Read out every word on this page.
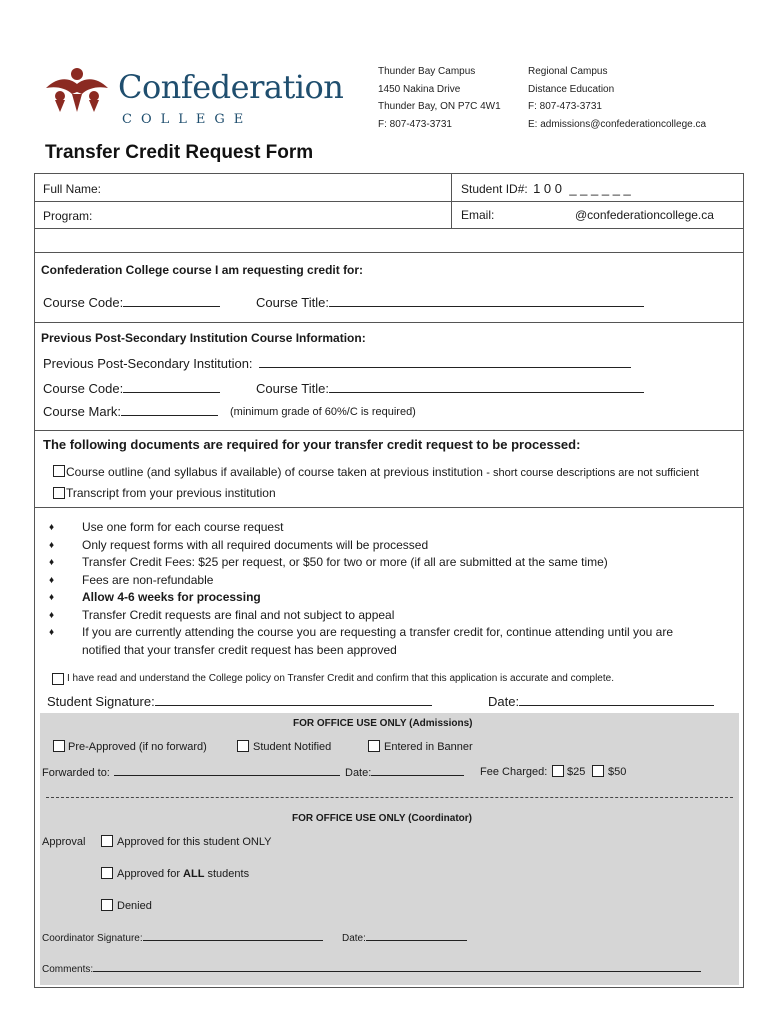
Confederation
COLLEGE
Thunder Bay Campus
1450 Nakina Drive
Thunder Bay, ON P7C 4W1
F: 807-473-3731
Regional Campus
Distance Education
F: 807-473-3731
E: admissions@confederationcollege.ca
Transfer Credit Request Form
Full Name:	Student ID#: 1 0 0 _ _ _ _ _ _
Program:	Email:	@confederationcollege.ca
Confederation College course I am requesting credit for:
Course Code:	Course Title:
Previous Post-Secondary Institution Course Information:
Previous Post-Secondary Institution:
Course Code:	Course Title:
Course Mark:	(minimum grade of 60%/C is required)
The following documents are required for your transfer credit request to be processed:
Course outline (and syllabus if available) of course taken at previous institution - short course descriptions are not sufficient
Transcript from your previous institution
♦ Use one form for each course request
♦ Only request forms with all required documents will be processed
♦ Transfer Credit Fees: $25 per request, or $50 for two or more (if all are submitted at the same time)
♦ Fees are non-refundable
♦ Allow 4-6 weeks for processing
♦ Transfer Credit requests are final and not subject to appeal
♦ If you are currently attending the course you are requesting a transfer credit for, continue attending until you are
notified that your transfer credit request has been approved
I have read and understand the College policy on Transfer Credit and confirm that this application is accurate and complete.
Student Signature:	Date:
FOR OFFICE USE ONLY (Admissions)
Pre-Approved (if no forward)	Student Notified	Entered in Banner
Forwarded to:	Date:	Fee Charged: $25 $50
FOR OFFICE USE ONLY (Coordinator)
Approval	Approved for this student ONLY
Approved for ALL students
Denied
Coordinator Signature:	Date:
Comments:
